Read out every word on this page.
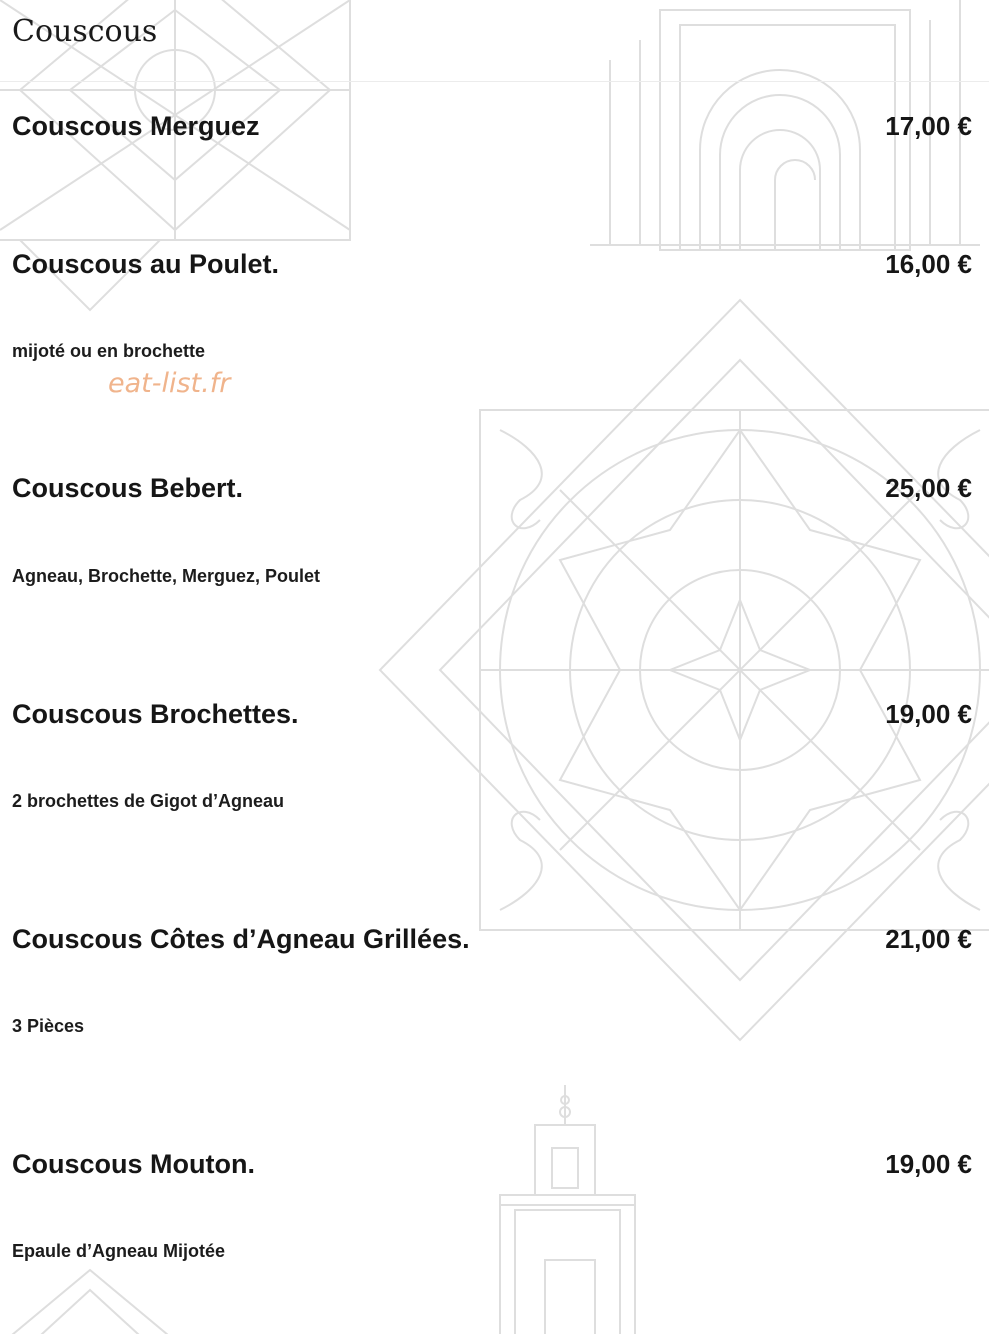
Couscous

Couscous Merguez	17,00 €

Couscous au Poulet.	16,00 €

mijoté ou en brochette

eat-list.fr

Couscous Bebert.	25,00 €

Agneau, Brochette, Merguez, Poulet

Couscous Brochettes.	19,00 €

2 brochettes de Gigot d’Agneau

Couscous Côtes d’Agneau Grillées.	21,00 €

3 Pièces

Couscous Mouton.	19,00 €

Epaule d’Agneau Mijotée
